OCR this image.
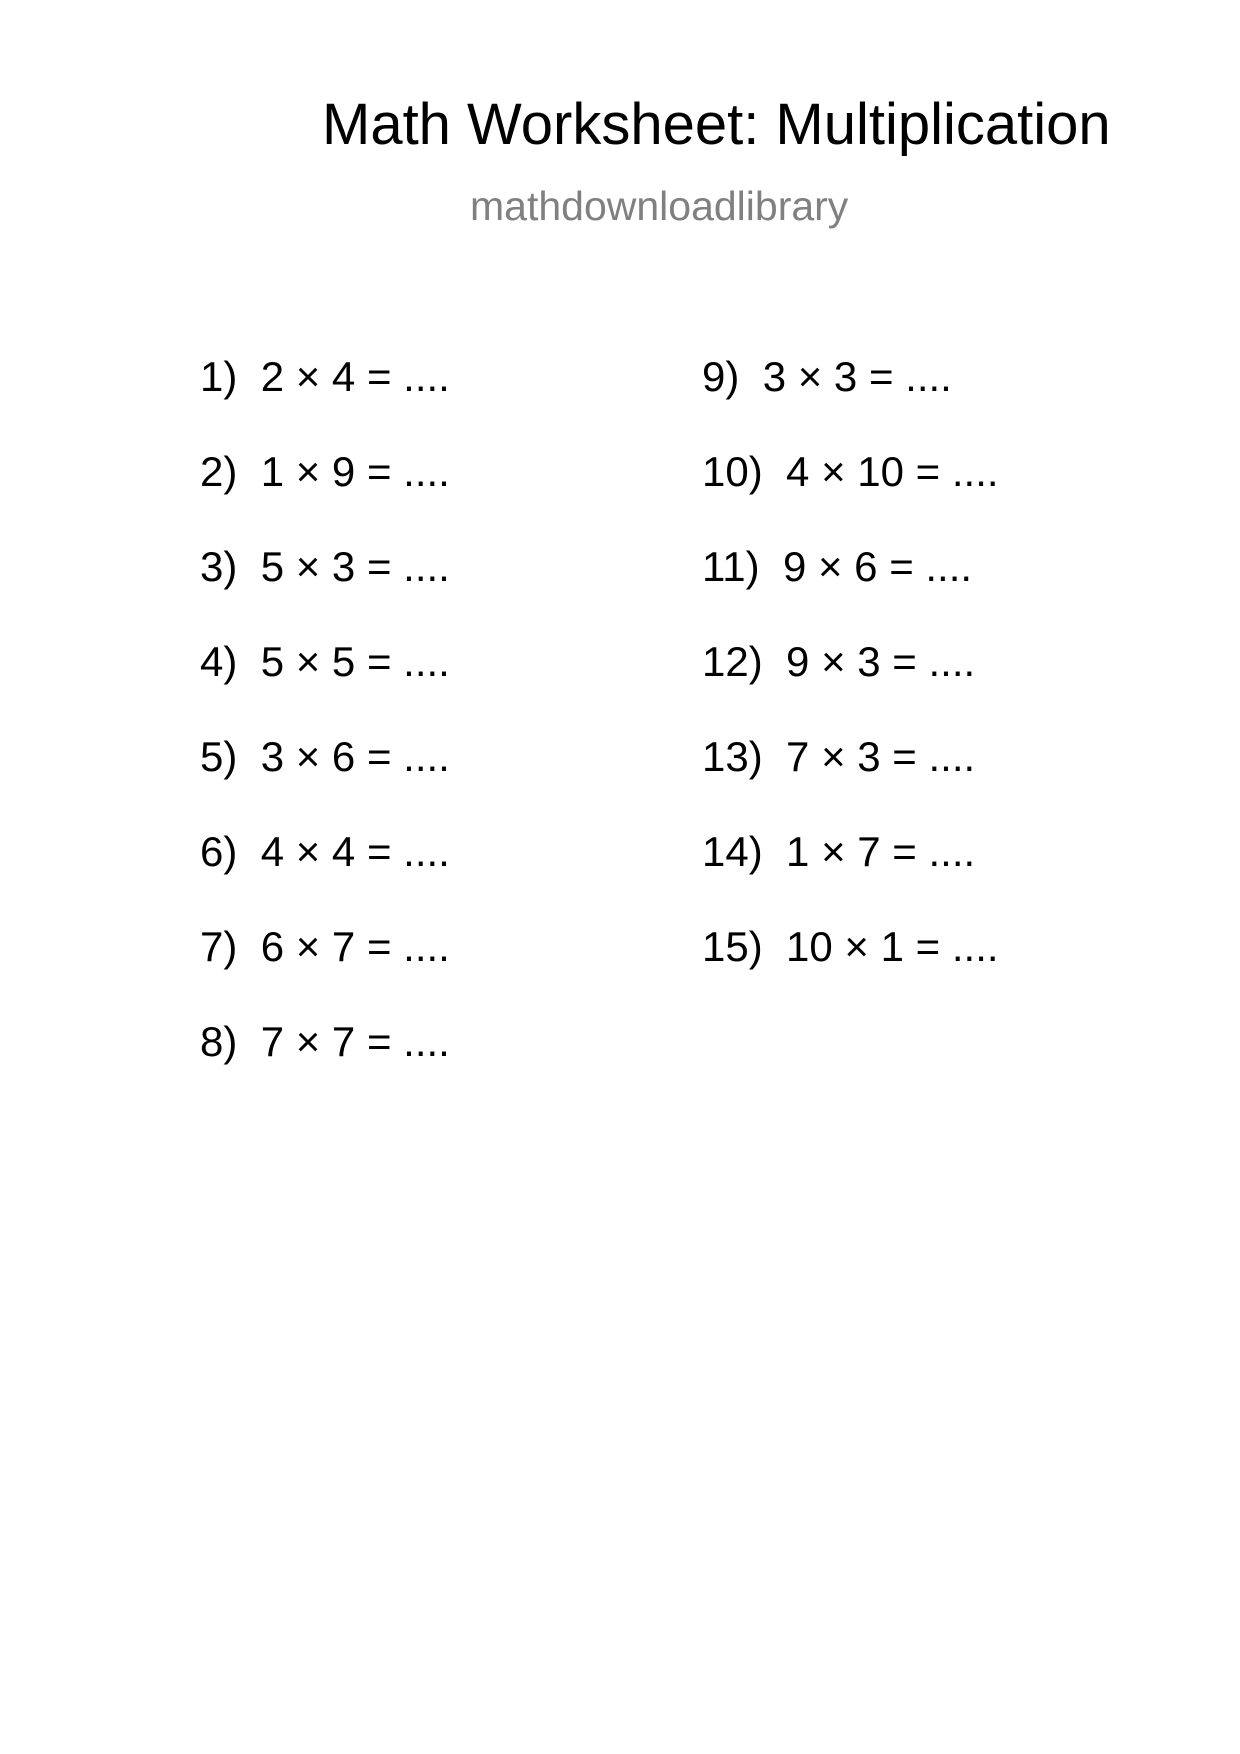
Math Worksheet: Multiplication
mathdownloadlibrary
1) 2 × 4 = ....
2) 1 × 9 = ....
3) 5 × 3 = ....
4) 5 × 5 = ....
5) 3 × 6 = ....
6) 4 × 4 = ....
7) 6 × 7 = ....
8) 7 × 7 = ....
9) 3 × 3 = ....
10) 4 × 10 = ....
11) 9 × 6 = ....
12) 9 × 3 = ....
13) 7 × 3 = ....
14) 1 × 7 = ....
15) 10 × 1 = ....
